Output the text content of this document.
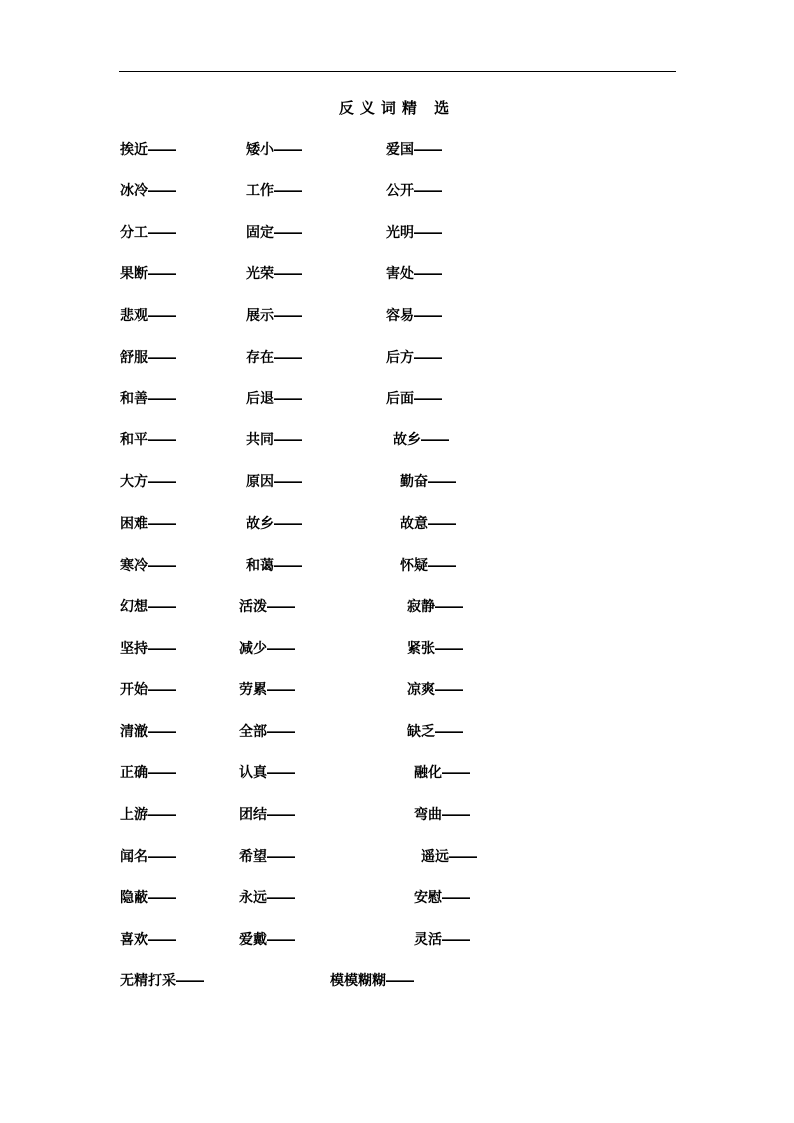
反义词精 选
挨近――	矮小――	爱国――
冰冷――	工作――	公开――
分工――	固定――	光明――
果断――	光荣――	害处――
悲观――	展示――	容易――
舒服――	存在――	后方――
和善――	后退――	后面――
和平――	共同――	故乡――
大方――	原因――	勤奋――
困难――	故乡――	故意――
寒冷――	和蔼――	怀疑――
幻想――	活泼――	寂静――
坚持――	减少――	紧张――
开始――	劳累――	凉爽――
清澈――	全部――	缺乏――
正确――	认真――	融化――
上游――	团结――	弯曲――
闻名――	希望――	遥远――
隐蔽――	永远――	安慰――
喜欢――	爱戴――	灵活――
无精打采――	模模糊糊――
